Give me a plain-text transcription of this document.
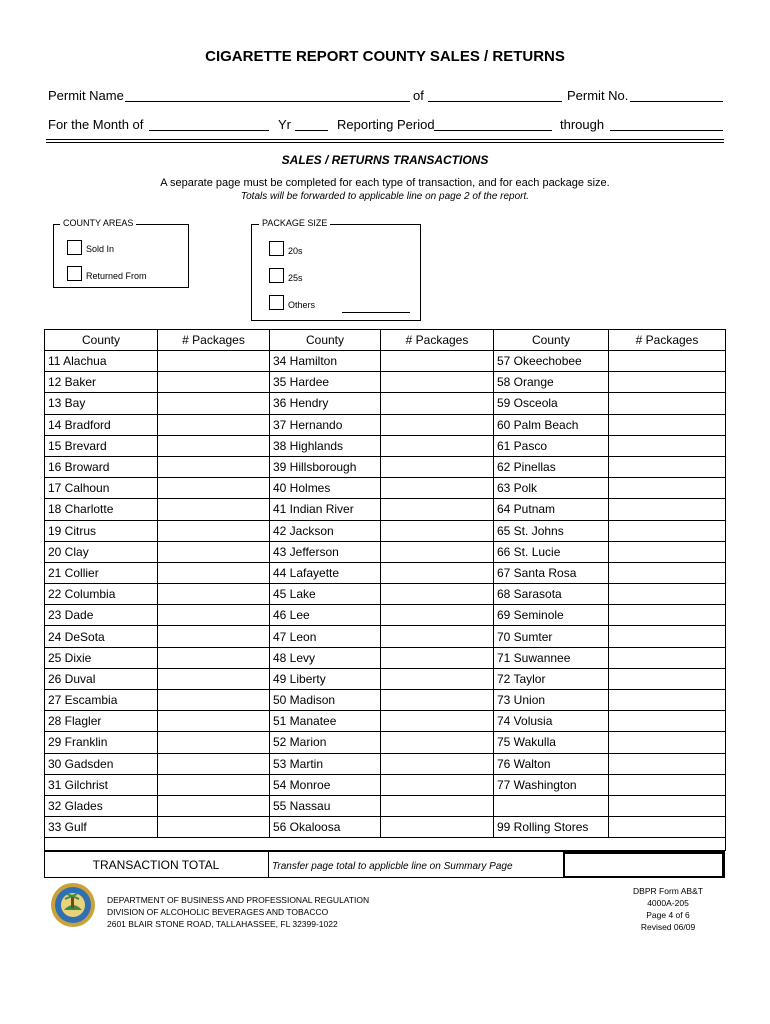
CIGARETTE REPORT COUNTY SALES / RETURNS
Permit Name	of	Permit No.
For the Month of	Yr	Reporting Period	through
SALES / RETURNS TRANSACTIONS
A separate page must be completed for each type of transaction, and for each package size.
Totals will be forwarded to applicable line on page 2 of the report.
COUNTY AREAS
Sold In
Returned From
PACKAGE SIZE
20s
25s
Others
County	# Packages	County	# Packages	County	# Packages
11 Alachua		34 Hamilton		57 Okeechobee	
12 Baker		35 Hardee		58 Orange	
13 Bay		36 Hendry		59 Osceola	
14 Bradford		37 Hernando		60 Palm Beach	
15 Brevard		38 Highlands		61 Pasco	
16 Broward		39 Hillsborough		62 Pinellas	
17 Calhoun		40 Holmes		63 Polk	
18 Charlotte		41 Indian River		64 Putnam	
19 Citrus		42 Jackson		65 St. Johns	
20 Clay		43 Jefferson		66 St. Lucie	
21 Collier		44 Lafayette		67 Santa Rosa	
22 Columbia		45 Lake		68 Sarasota	
23 Dade		46 Lee		69 Seminole	
24 DeSota		47 Leon		70 Sumter	
25 Dixie		48 Levy		71 Suwannee	
26 Duval		49 Liberty		72 Taylor	
27 Escambia		50 Madison		73 Union	
28 Flagler		51 Manatee		74 Volusia	
29 Franklin		52 Marion		75 Wakulla	
30 Gadsden		53 Martin		76 Walton	
31 Gilchrist		54 Monroe		77 Washington	
32 Glades		55 Nassau			
33 Gulf		56 Okaloosa		99 Rolling Stores	

TRANSACTION TOTAL	Transfer page total to applicble line on Summary Page
DEPARTMENT OF BUSINESS AND PROFESSIONAL REGULATION
DIVISION OF ALCOHOLIC BEVERAGES AND TOBACCO
2601 BLAIR STONE ROAD, TALLAHASSEE, FL 32399-1022
DBPR Form AB&T
4000A-205
Page 4 of 6
Revised 06/09
